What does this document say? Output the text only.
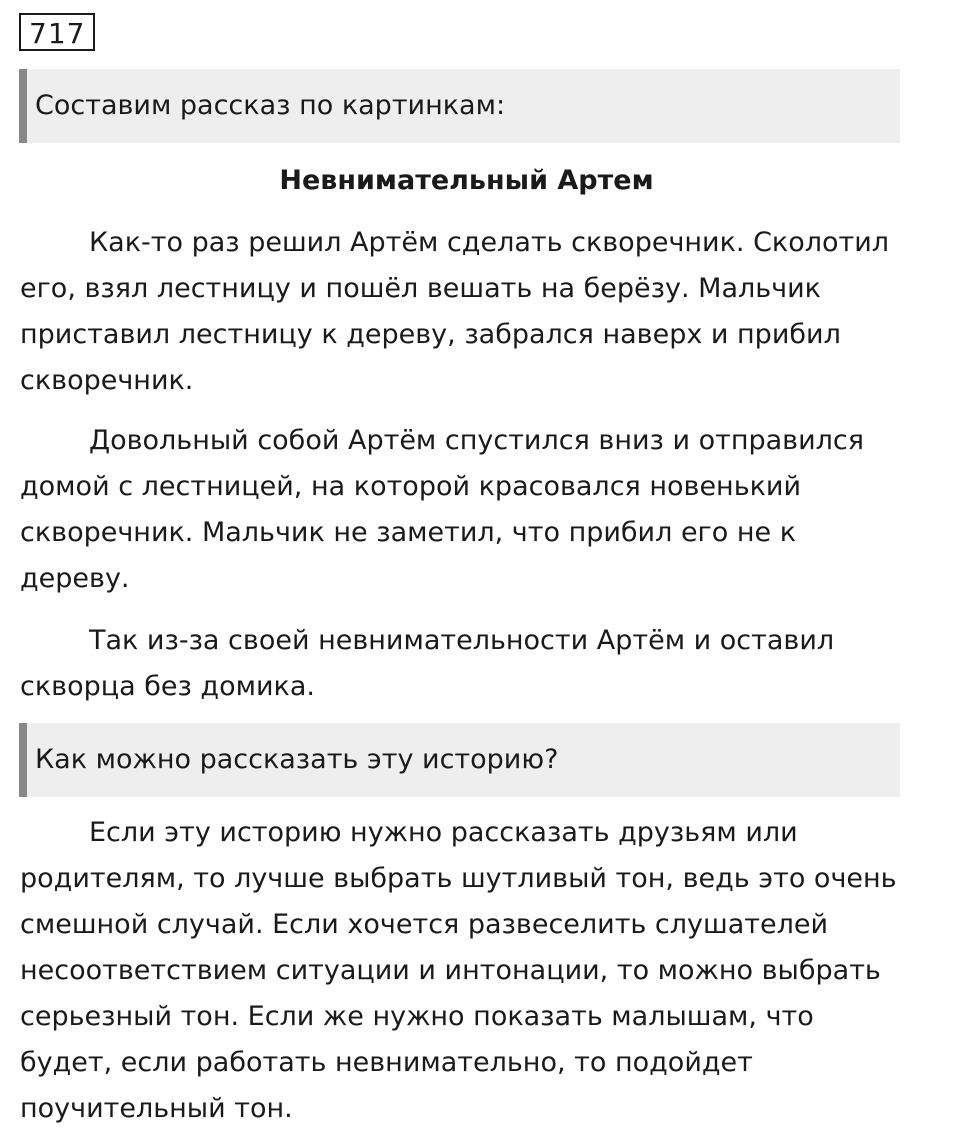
717
Составим рассказ по картинкам:
Невнимательный Артем

Как-то раз решил Артём сделать скворечник. Сколотил
его, взял лестницу и пошёл вешать на берёзу. Мальчик
приставил лестницу к дереву, забрался наверх и прибил
скворечник.

Довольный собой Артём спустился вниз и отправился
домой с лестницей, на которой красовался новенький
скворечник. Мальчик не заметил, что прибил его не к
дереву.

Так из-за своей невнимательности Артём и оставил
скворца без домика.

Как можно рассказать эту историю?

Если эту историю нужно рассказать друзьям или
родителям, то лучше выбрать шутливый тон, ведь это очень
смешной случай. Если хочется развеселить слушателей
несоответствием ситуации и интонации, то можно выбрать
серьезный тон. Если же нужно показать малышам, что
будет, если работать невнимательно, то подойдет
поучительный тон.
